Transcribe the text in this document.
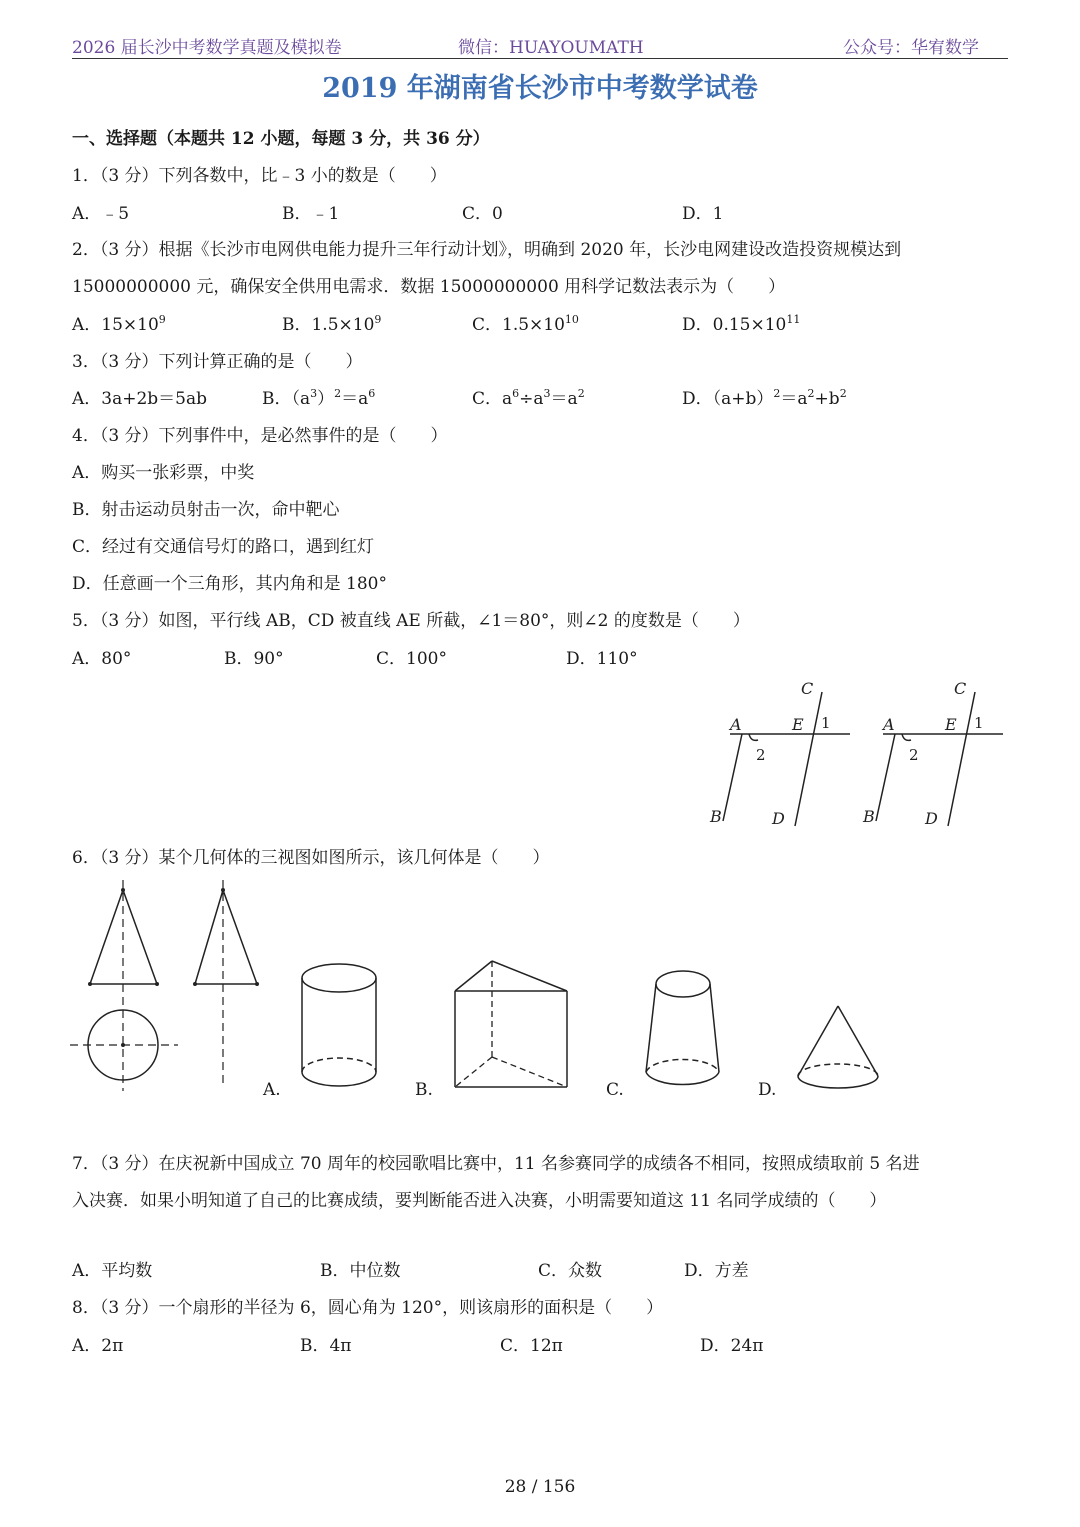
2026 届长沙中考数学真题及模拟卷	微信：HUAYOUMATH	公众号：华宥数学
2019 年湖南省长沙市中考数学试卷
一、选择题（本题共 12 小题，每题 3 分，共 36 分）
1．（3 分）下列各数中，比﹣3 小的数是（　　）
A．﹣5	B．﹣1	C．0	D．1
2．（3 分）根据《长沙市电网供电能力提升三年行动计划》，明确到 2020 年，长沙电网建设改造投资规模达到
15000000000 元，确保安全供用电需求．数据 15000000000 用科学记数法表示为（　　）
A．$15\times 10^9$	B．$1.5\times 10^9$	C．$1.5\times 10^{10}$	D．$0.15\times 10^{11}$
3．（3 分）下列计算正确的是（　　）
A．3a+2b＝5ab	B．$(a^3)^2=a^6$	C．$a^6\div a^3=a^2$	D．$(a+b)^2=a^2+b^2$
4．（3 分）下列事件中，是必然事件的是（　　）
A．购买一张彩票，中奖
B．射击运动员射击一次，命中靶心
C．经过有交通信号灯的路口，遇到红灯
D．任意画一个三角形，其内角和是 180°
5．（3 分）如图，平行线 AB，CD 被直线 AE 所截，∠1＝80°，则∠2 的度数是（　　）
A．80°	B．90°	C．100°	D．110°
C
A	E
B	D
1
2
C
A	E
B	D
1
2
6．（3 分）某个几何体的三视图如图所示，该几何体是（　　）
A.	B.	C.	D.
7．（3 分）在庆祝新中国成立 70 周年的校园歌唱比赛中，11 名参赛同学的成绩各不相同，按照成绩取前 5 名进
入决赛．如果小明知道了自己的比赛成绩，要判断能否进入决赛，小明需要知道这 11 名同学成绩的（　　）
A．平均数	B．中位数	C．众数	D．方差
8．（3 分）一个扇形的半径为 6，圆心角为 120°，则该扇形的面积是（　　）
A．2π	B．4π	C．12π	D．24π
28 / 156
